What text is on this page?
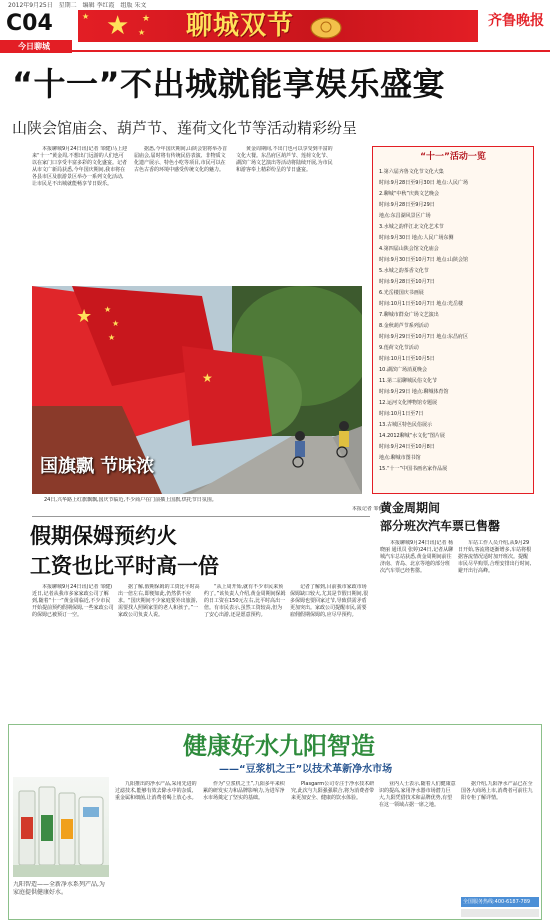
2012年9月25日 星期二 编辑 李红霞 组版 朱文
C04 ★
★	★
★ 聊城双节	齐鲁晚报
今日聊城
“十一”不出城就能享娱乐盛宴
山陕会馆庙会、葫芦节、莲荷文化节等活动精彩纷呈

本报聊城9月24日讯(记者 邹健)马上迎来“十一”黄金周,不想出门远游的人们也可以在家门口享受丰富多彩的文化盛宴。记者从市文广新局获悉,今年国庆期间,我市将在各县市区及旅游景区举办一系列文化活动,让市民足不出城就能畅享节日娱乐。

据悉,今年国庆期间,山陕会馆将举办首届庙会,届时将有传统民俗表演、非物质文化遗产展示、特色小吃等项目,市民可以在古色古香的环境中感受传统文化的魅力。

黄金周期间,不出门也可以享受到丰富的文化大餐。东昌府区葫芦节、莲荷文化节、湖滨广场文艺演出等活动将陆续开展,为市民和游客奉上精彩纷呈的节日盛宴。

★ ★
★
★
★
国旗飘 节味浓
24日,兴华路上红旗飘飘,国庆节临近,不少商户在门前插上国旗,烘托节日氛围。
本报记者 邹健 摄
“十一”活动一览
1.第六届齐鲁文化节文化大集
时间:9月28日至9月30日 地点:人民广场
2.聊城“中秋”庆典文艺晚会
时间:9月28日至9月29日
地点:东昌湖风景区广场
3.水城之韵伴江北文化艺术节
时间:9月30日 地点:人民广场东侧
4.第四届山陕会馆文化庙会
时间:9月30日至10月7日 地点:山陕会馆
5.水城之韵茶香文化节
时间:9月28日至10月7日
6.光岳楼国庆书画展
时间:10月1日至10月7日 地点:光岳楼
7.聊城市群众广场文艺演出
8.金秋葫芦节系列活动
时间:9月29日至10月7日 地点:东昌府区
9.莲荷文化节活动
时间:10月1日至10月5日
10.湖滨广场消夏晚会
11.第二届聊城民俗文化节
时间:9月29日 地点:聊城体育馆
12.运河文化博物馆专题展
时间:10月1日至7日
13.古城区特色民俗展示
14.2012聊城“水文化”图片展
时间:9月24日至10月8日
地点:聊城市图书馆
15.“十一”中国书画名家作品展
假期保姆预约火
工资也比平时高一倍

本报聊城9月24日讯(记者 邹健)近日,记者从我市多家家政公司了解到,随着“十一”黄金周临近,不少市民开始提前预约假期保姆,一些家政公司的保姆已被预订一空。

据了解,假期保姆的工资比平时高出一倍左右,即便如此,仍然供不应求。“国庆期间不少家庭要外出旅游,需要找人照顾家里的老人和孩子。”一家政公司负责人说。

“从上周开始,就有不少市民来预约了。”该负责人介绍,黄金周期间保姆的日工资在150元左右,比平时高出一倍。有市民表示,虽然工资较高,但为了安心出游,还是愿意预约。

记者了解到,目前我市家政市场保姆缺口较大,尤其是节假日期间,很多保姆也要回家过节,导致供需矛盾更加突出。家政公司提醒市民,需要雇佣假期保姆的,应尽早预约。

黄金周期间
部分班次汽车票已售罄

本报聊城9月24日讯(记者 杨晓丽 通讯员 张婷)24日,记者从聊城汽车总站获悉,黄金周期间前往济南、青岛、北京等地的部分班次汽车票已经售罄。

车站工作人员介绍,从9月29日开始,客流将逐渐增多,车站将根据客流情况适时加开班次。提醒市民尽早购票,合理安排出行时间,避开出行高峰。

健康好水九阳智造
——“豆浆机之王”以技术革新净水市场
九阳智造——全新净水系列产品,为家庭提供健康好水。

九阳推出的净水产品,采用先进的过滤技术,能够有效去除水中的杂质、重金属和细菌,让消费者喝上放心水。

作为“豆浆机之王”,九阳多年来积累的研发实力和品牌影响力,为进军净水市场奠定了坚实的基础。

Plasgarm公司专注于净水技术研究,此次与九阳强强联合,将为消费者带来更加安全、健康的饮水体验。

业内人士表示,随着人们健康意识的提高,家用净水器市场潜力巨大,九阳凭借技术和品牌优势,有望在这一领域占据一席之地。

据介绍,九阳净水产品已在全国各大商场上市,消费者可前往九阳专柜了解详情。

全国服务热线:400-6187-789
